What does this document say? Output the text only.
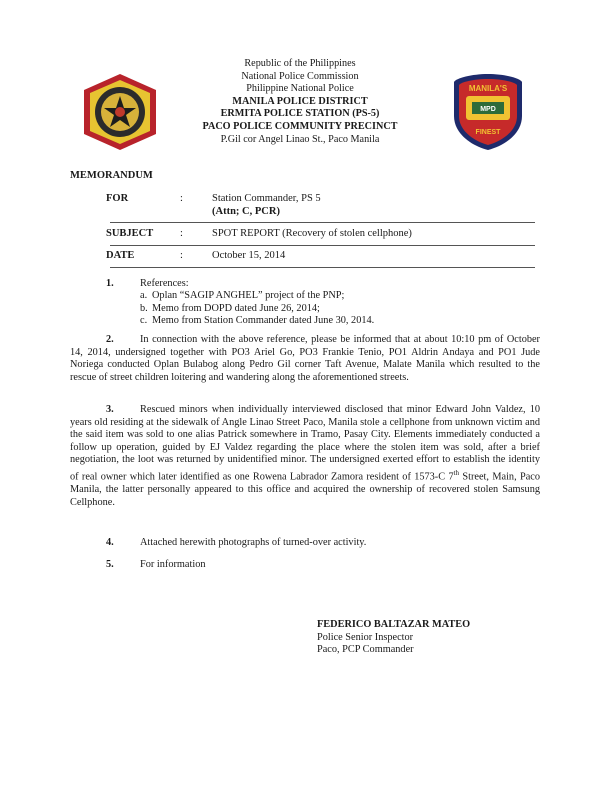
MANILA'S
MPD
FINEST
Republic of the Philippines
National Police Commission
Philippine National Police
MANILA POLICE DISTRICT
ERMITA POLICE STATION (PS-5)
PACO POLICE COMMUNITY PRECINCT
P.Gil cor Angel Linao St., Paco Manila
MEMORANDUM
FOR	:	Station Commander, PS 5
(Attn; C, PCR)
SUBJECT	:	SPOT REPORT (Recovery of stolen cellphone)
DATE	:	October 15, 2014
1.	References:
a. Oplan “SAGIP ANGHEL” project of the PNP;
b. Memo from DOPD dated June 26, 2014;
c. Memo from Station Commander dated June 30, 2014.
2.	In connection with the above reference, please be informed that at about 10:10 pm of October 14, 2014, undersigned together with PO3 Ariel Go, PO3 Frankie Tenio, PO1 Aldrin Andaya and PO1 Jude Noriega conducted Oplan Bulabog along Pedro Gil corner Taft Avenue, Malate Manila which resulted to the rescue of street children loitering and wandering along the aforementioned streets.
3.	Rescued minors when individually interviewed disclosed that minor Edward John Valdez, 10 years old residing at the sidewalk of Angle Linao Street Paco, Manila stole a cellphone from unknown victim and the said item was sold to one alias Patrick somewhere in Tramo, Pasay City. Elements immediately conducted a follow up operation, guided by EJ Valdez regarding the place where the stolen item was sold, after a brief negotiation, the loot was returned by unidentified minor. The undersigned exerted effort to establish the identity of real owner which later identified as one Rowena Labrador Zamora resident of 1573-C 7th Street, Main, Paco Manila, the latter personally appeared to this office and acquired the ownership of recovered stolen Samsung Cellphone.
4.	Attached herewith photographs of turned-over activity.
5.	For information
FEDERICO BALTAZAR MATEO
Police Senior Inspector
Paco, PCP Commander
